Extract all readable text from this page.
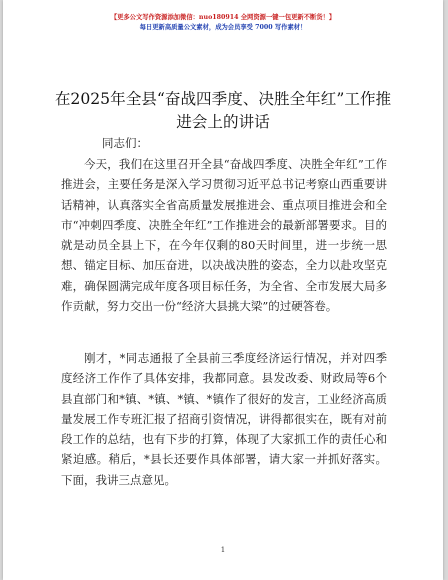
【更多公文写作资源添加微信：nuo180914 全网资源一键一包更新不断货！】
每日更新高质量公文素材，成为会员享受 7000 写作素材！
在2025年全县“奋战四季度、决胜全年红”工作推进会上的讲话
同志们：

今天，我们在这里召开全县“奋战四季度、决胜全年红”工作推进会，主要任务是深入学习贯彻习近平总书记考察山西重要讲话精神，认真落实全省高质量发展推进会、重点项目推进会和全市“冲刺四季度、决胜全年红”工作推进会的最新部署要求。目的就是动员全县上下，在今年仅剩的80天时间里，进一步统一思想、锚定目标、加压奋进，以决战决胜的姿态，全力以赴攻坚克难，确保圆满完成年度各项目标任务，为全省、全市发展大局多作贡献，努力交出一份“经济大县挑大梁”的过硬答卷。

刚才，*同志通报了全县前三季度经济运行情况，并对四季度经济工作作了具体安排，我都同意。县发改委、财政局等6个县直部门和*镇、*镇、*镇、*镇作了很好的发言，工业经济高质量发展工作专班汇报了招商引资情况，讲得都很实在，既有对前段工作的总结，也有下步的打算，体现了大家抓工作的责任心和紧迫感。稍后，*县长还要作具体部署，请大家一并抓好落实。下面，我讲三点意见。

1
